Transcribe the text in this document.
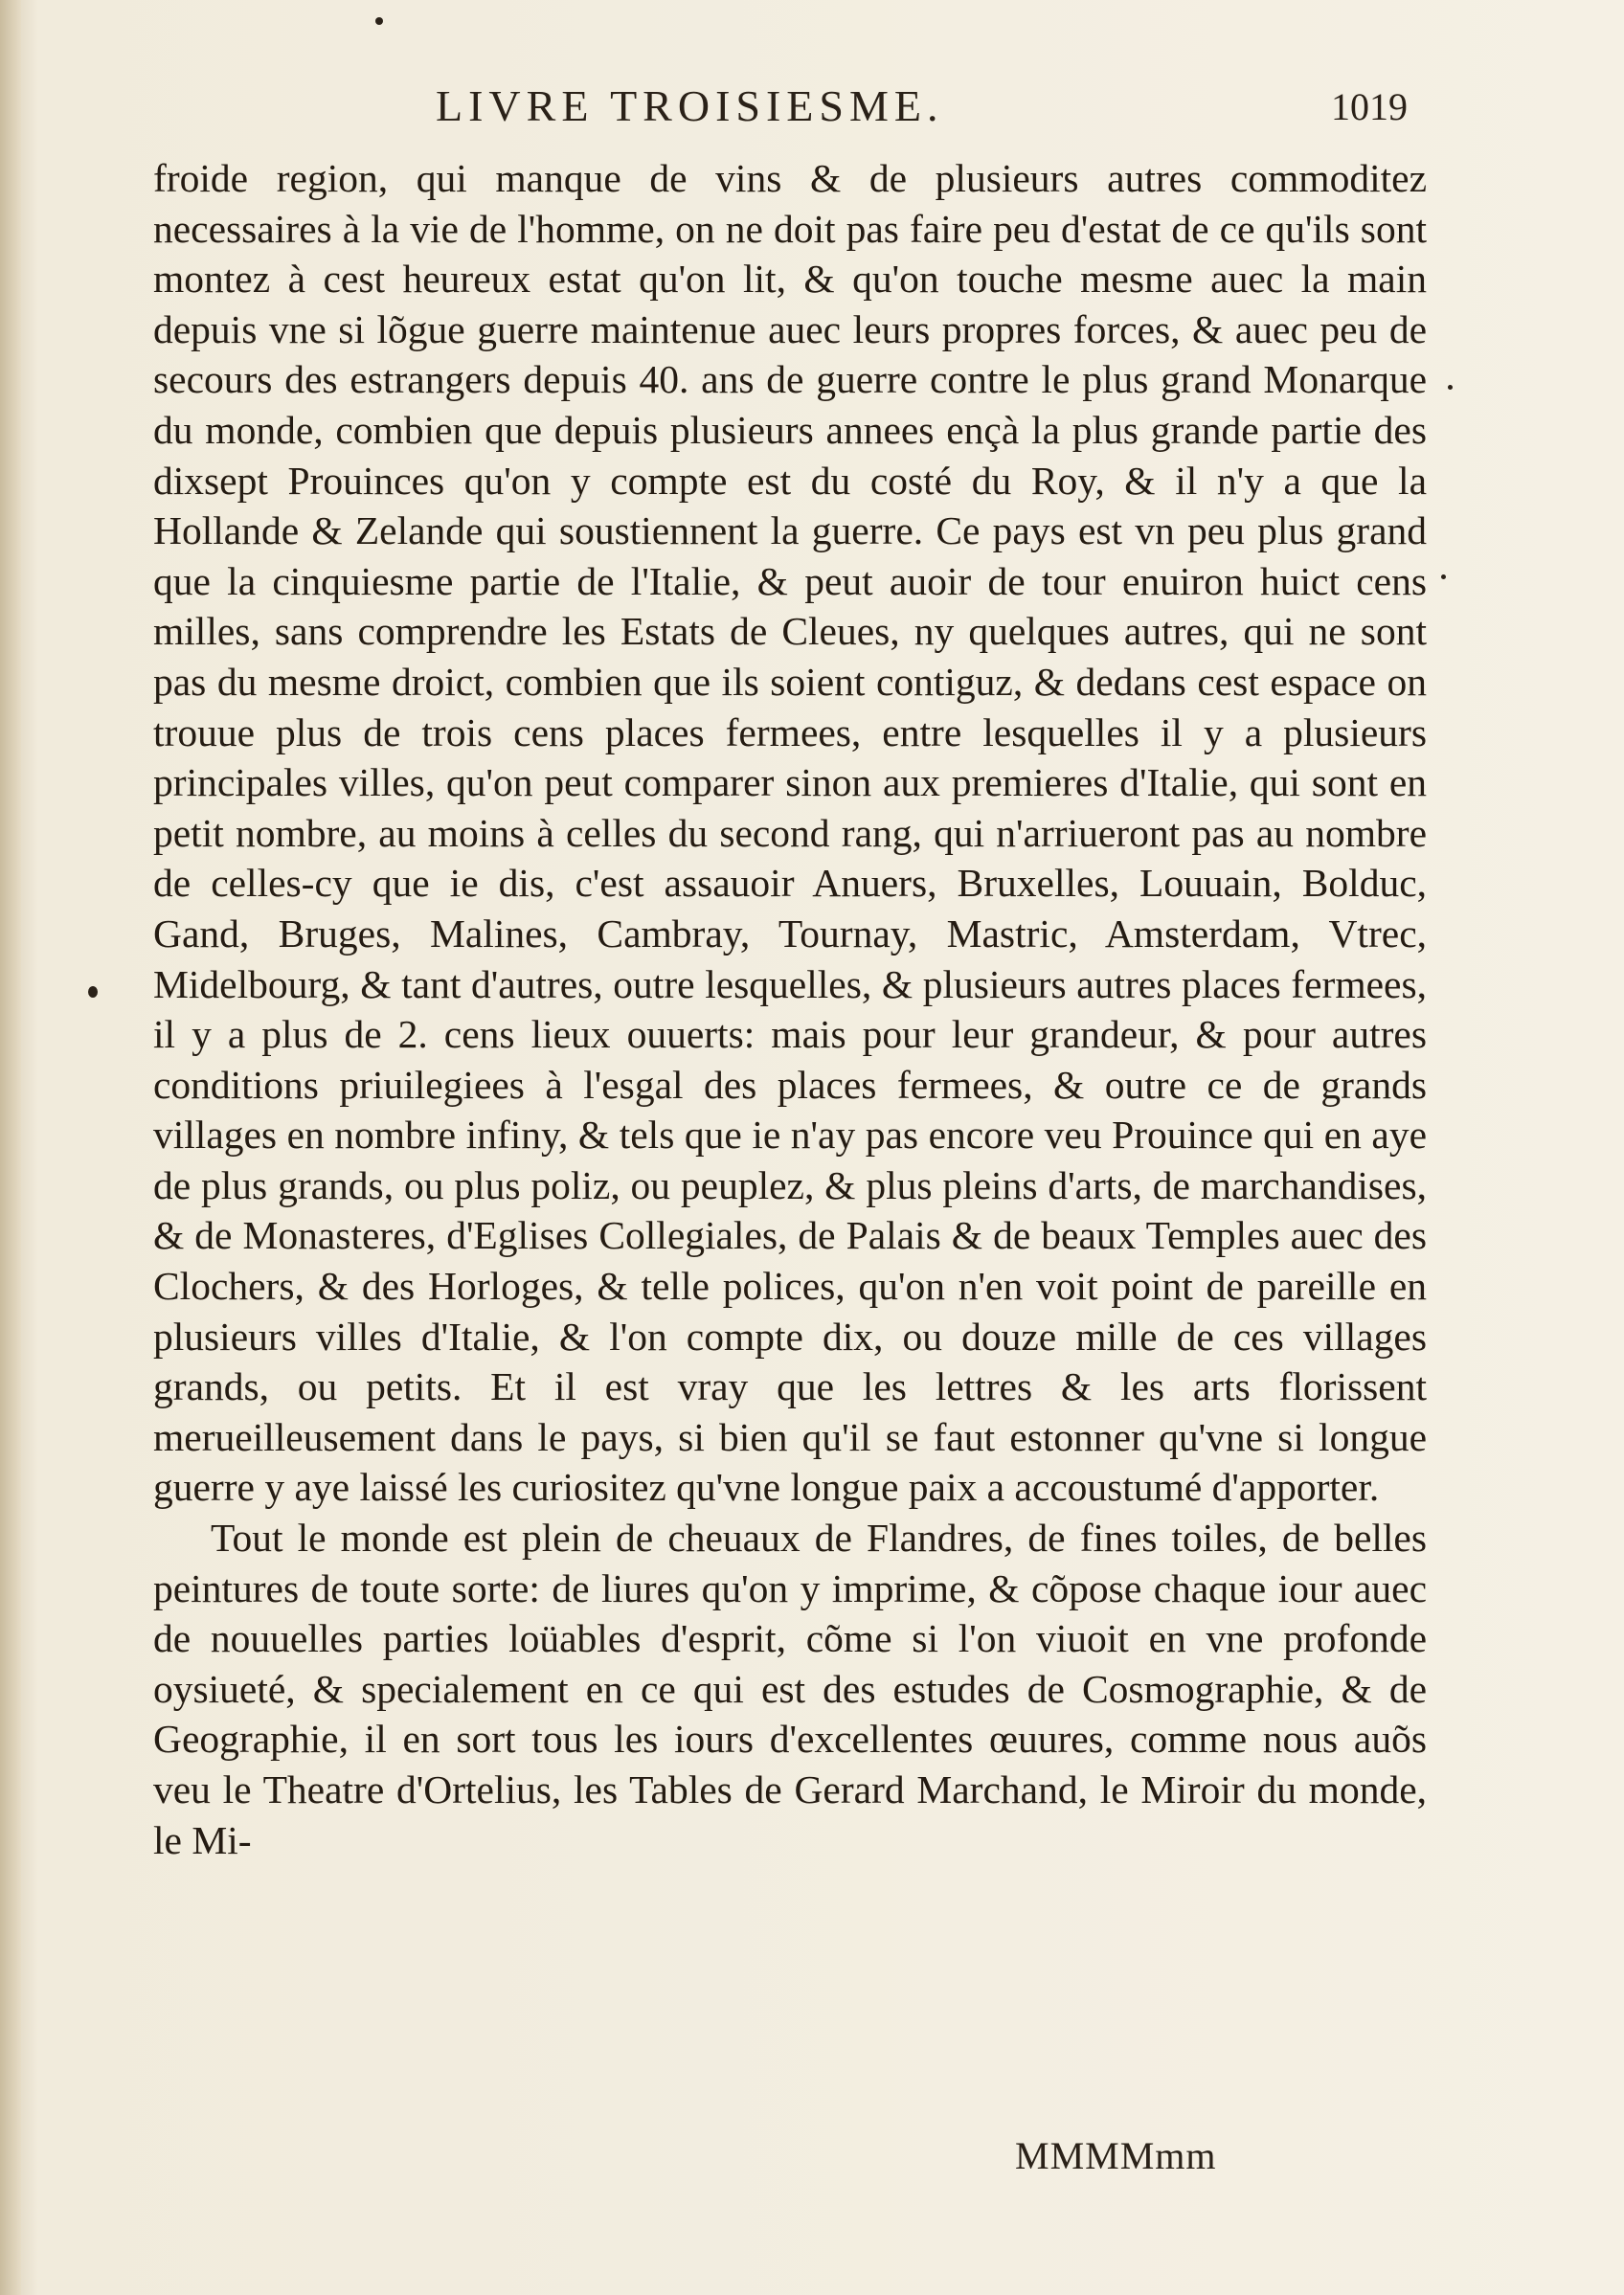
LIVRE TROISIESME.	1019

froide region, qui manque de vins & de plusieurs autres commoditez necessaires à la vie de l'homme, on ne doit pas faire peu d'estat de ce qu'ils sont montez à cest heureux estat qu'on lit, & qu'on touche mesme auec la main depuis vne si lõgue guerre maintenue auec leurs propres forces, & auec peu de secours des estrangers depuis 40. ans de guerre contre le plus grand Monarque du monde, combien que depuis plusieurs annees ençà la plus grande partie des dixsept Prouinces qu'on y compte est du costé du Roy, & il n'y a que la Hollande & Zelande qui soustiennent la guerre. Ce pays est vn peu plus grand que la cinquiesme partie de l'Italie, & peut auoir de tour enuiron huict cens milles, sans comprendre les Estats de Cleues, ny quelques autres, qui ne sont pas du mesme droict, combien que ils soient contiguz, & dedans cest espace on trouue plus de trois cens places fermees, entre lesquelles il y a plusieurs principales villes, qu'on peut comparer sinon aux premieres d'Italie, qui sont en petit nombre, au moins à celles du second rang, qui n'arriueront pas au nombre de celles-cy que ie dis, c'est assauoir Anuers, Bruxelles, Louuain, Bolduc, Gand, Bruges, Malines, Cambray, Tournay, Mastric, Amsterdam, Vtrec, Midelbourg, & tant d'autres, outre lesquelles, & plusieurs autres places fermees, il y a plus de 2. cens lieux ouuerts: mais pour leur grandeur, & pour autres conditions priuilegiees à l'esgal des places fermees, & outre ce de grands villages en nombre infiny, & tels que ie n'ay pas encore veu Prouince qui en aye de plus grands, ou plus poliz, ou peuplez, & plus pleins d'arts, de marchandises, & de Monasteres, d'Eglises Collegiales, de Palais & de beaux Temples auec des Clochers, & des Horloges, & telle polices, qu'on n'en voit point de pareille en plusieurs villes d'Italie, & l'on compte dix, ou douze mille de ces villages grands, ou petits. Et il est vray que les lettres & les arts florissent merueilleusement dans le pays, si bien qu'il se faut estonner qu'vne si longue guerre y aye laissé les curiositez qu'vne longue paix a accoustumé d'apporter.

Tout le monde est plein de cheuaux de Flandres, de fines toiles, de belles peintures de toute sorte: de liures qu'on y imprime, & cõpose chaque iour auec de nouuelles parties loüables d'esprit, cõme si l'on viuoit en vne profonde oysiueté, & specialement en ce qui est des estudes de Cosmographie, & de Geographie, il en sort tous les iours d'excellentes œuures, comme nous auõs veu le Theatre d'Ortelius, les Tables de Gerard Marchand, le Miroir du monde, le Mi-

MMMMmm
